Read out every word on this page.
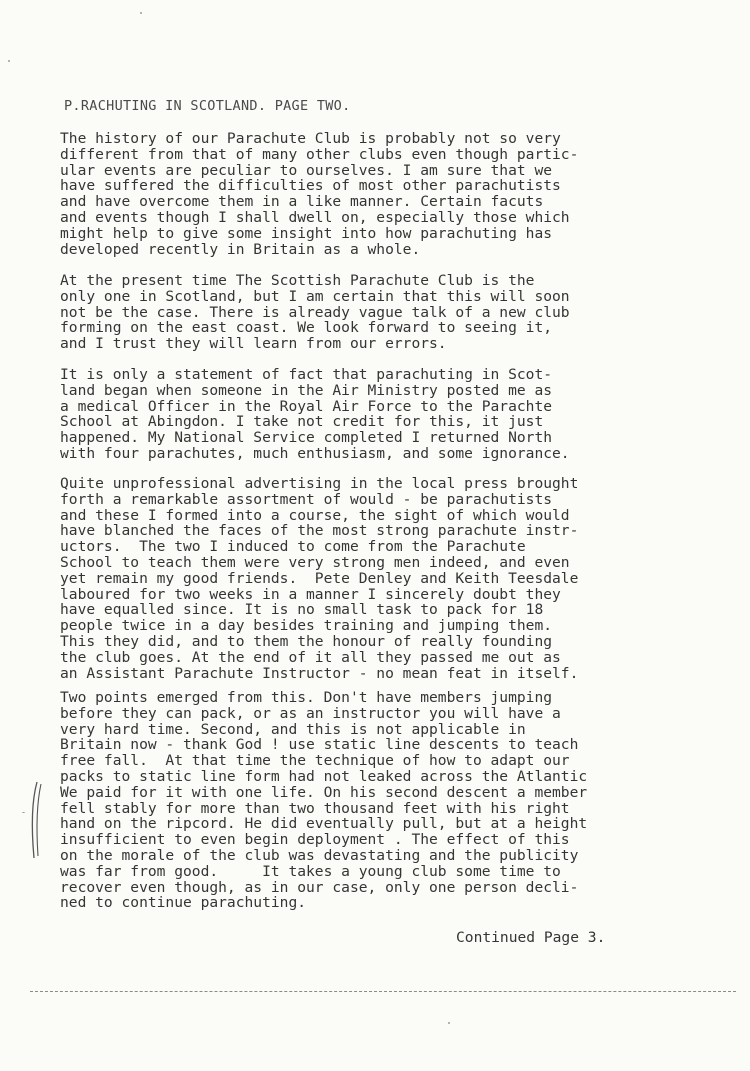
P.RACHUTING IN SCOTLAND. PAGE TWO.
The history of our Parachute Club is probably not so very
different from that of many other clubs even though partic-
ular events are peculiar to ourselves. I am sure that we
have suffered the difficulties of most other parachutists
and have overcome them in a like manner. Certain facuts
and events though I shall dwell on, especially those which
might help to give some insight into how parachuting has
developed recently in Britain as a whole.
At the present time The Scottish Parachute Club is the
only one in Scotland, but I am certain that this will soon
not be the case. There is already vague talk of a new club
forming on the east coast. We look forward to seeing it,
and I trust they will learn from our errors.
It is only a statement of fact that parachuting in Scot-
land began when someone in the Air Ministry posted me as
a medical Officer in the Royal Air Force to the Parachte
School at Abingdon. I take not credit for this, it just
happened. My National Service completed I returned North
with four parachutes, much enthusiasm, and some ignorance.
Quite unprofessional advertising in the local press brought
forth a remarkable assortment of would - be parachutists
and these I formed into a course, the sight of which would
have blanched the faces of the most strong parachute instr-
uctors.  The two I induced to come from the Parachute
School to teach them were very strong men indeed, and even
yet remain my good friends.  Pete Denley and Keith Teesdale
laboured for two weeks in a manner I sincerely doubt they
have equalled since. It is no small task to pack for 18
people twice in a day besides training and jumping them.
This they did, and to them the honour of really founding
the club goes. At the end of it all they passed me out as
an Assistant Parachute Instructor - no mean feat in itself.
Two points emerged from this. Don't have members jumping
before they can pack, or as an instructor you will have a
very hard time. Second, and this is not applicable in
Britain now - thank God ! use static line descents to teach
free fall.  At that time the technique of how to adapt our
packs to static line form had not leaked across the Atlantic
We paid for it with one life. On his second descent a member
fell stably for more than two thousand feet with his right
hand on the ripcord. He did eventually pull, but at a height
insufficient to even begin deployment . The effect of this
on the morale of the club was devastating and the publicity
was far from good.     It takes a young club some time to
recover even though, as in our case, only one person decli-
ned to continue parachuting.
Continued Page 3.
